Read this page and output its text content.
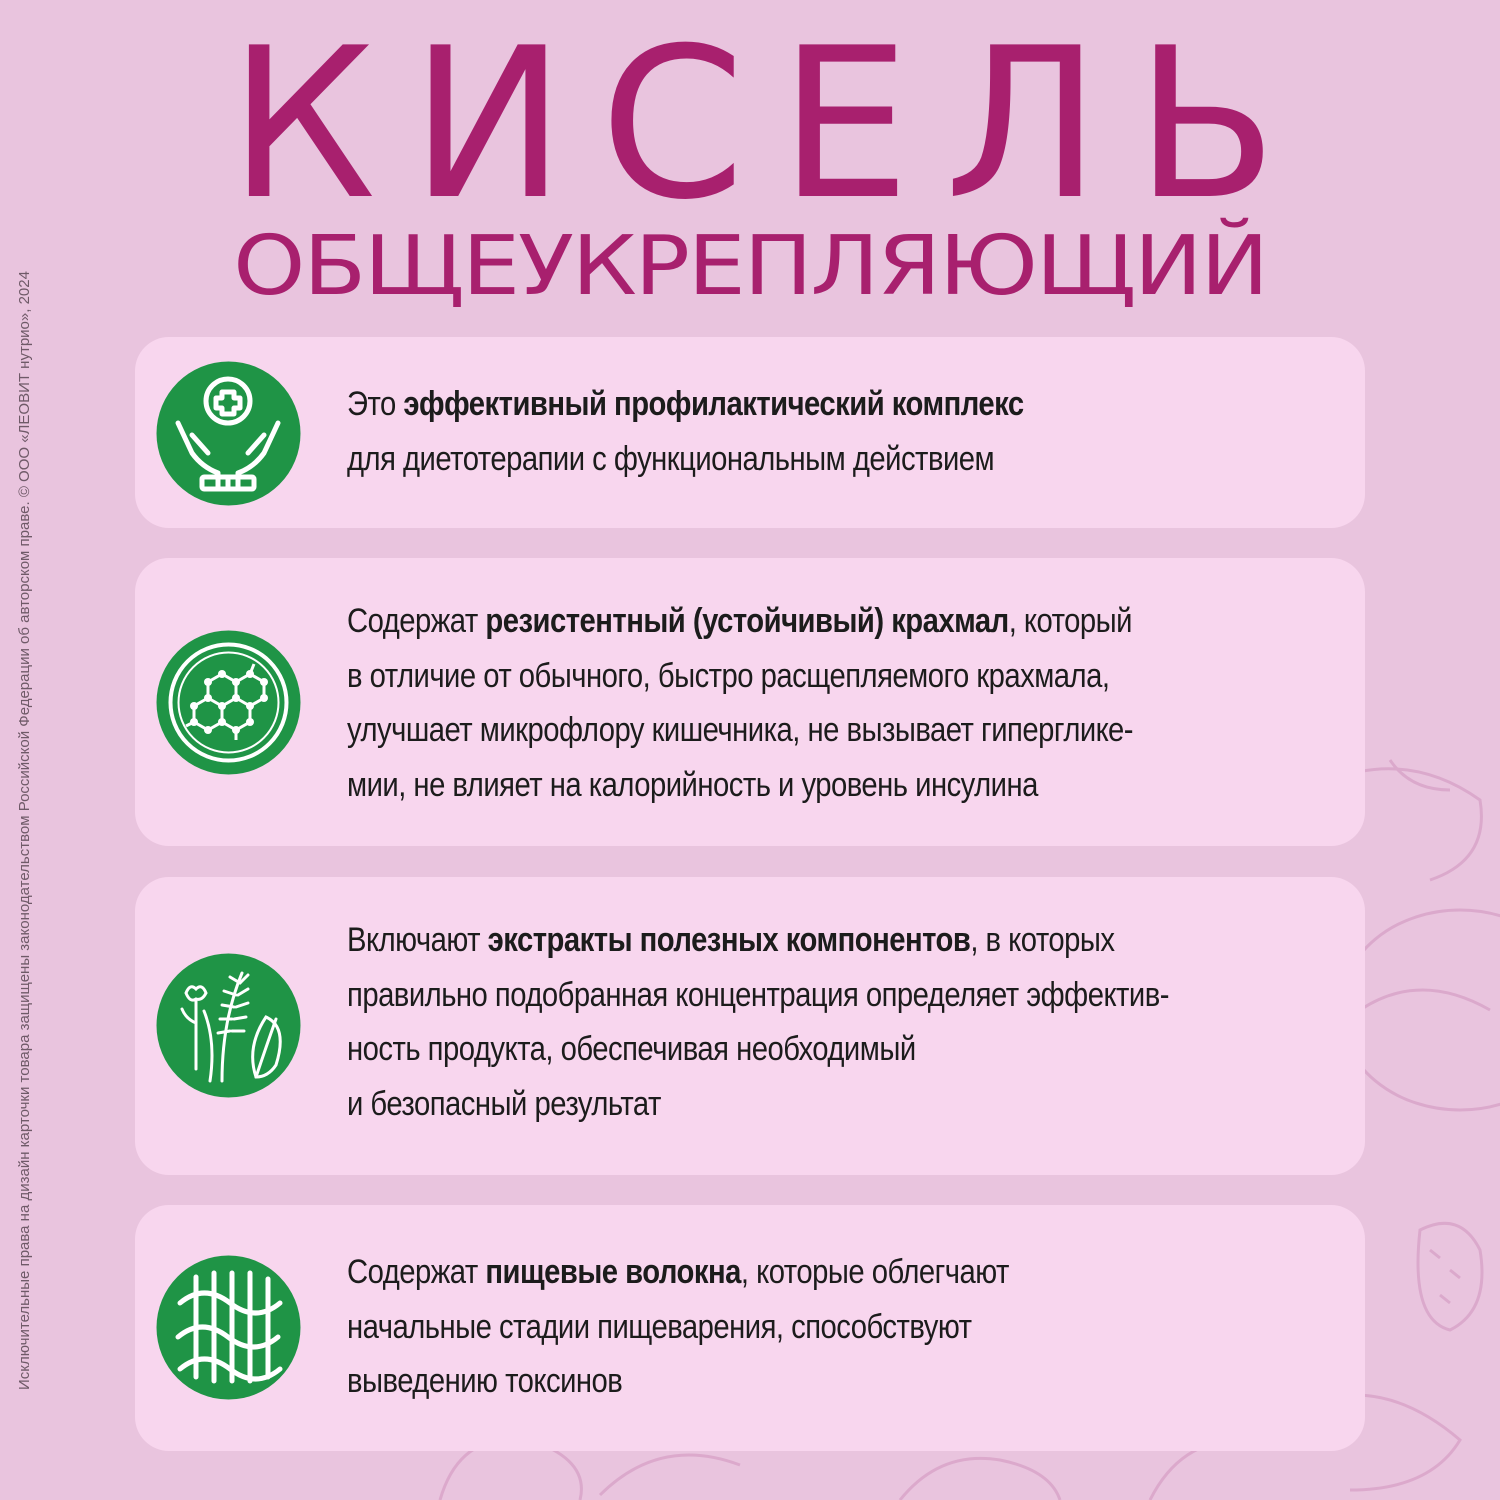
Исключительные права на дизайн карточки товара защищены законодательством Российской Федерации об авторском праве. © ООО «ЛЕОВИТ нутрио», 2024
КИСЕЛЬ
ОБЩЕУКРЕПЛЯЮЩИЙ
Это эффективный профилактический комплекс
для диетотерапии с функциональным действием
Содержат резистентный (устойчивый) крахмал, который
в отличие от обычного, быстро расщепляемого крахмала,
улучшает микрофлору кишечника, не вызывает гипергликe-
мии, не влияет на калорийность и уровень инсулина
Включают экстракты полезных компонентов, в которых
правильно подобранная концентрация определяет эффектив-
ность продукта, обеспечивая необходимый
и безопасный результат
Содержат пищевые волокна, которые облегчают
начальные стадии пищеварения, способствуют
выведению токсинов
